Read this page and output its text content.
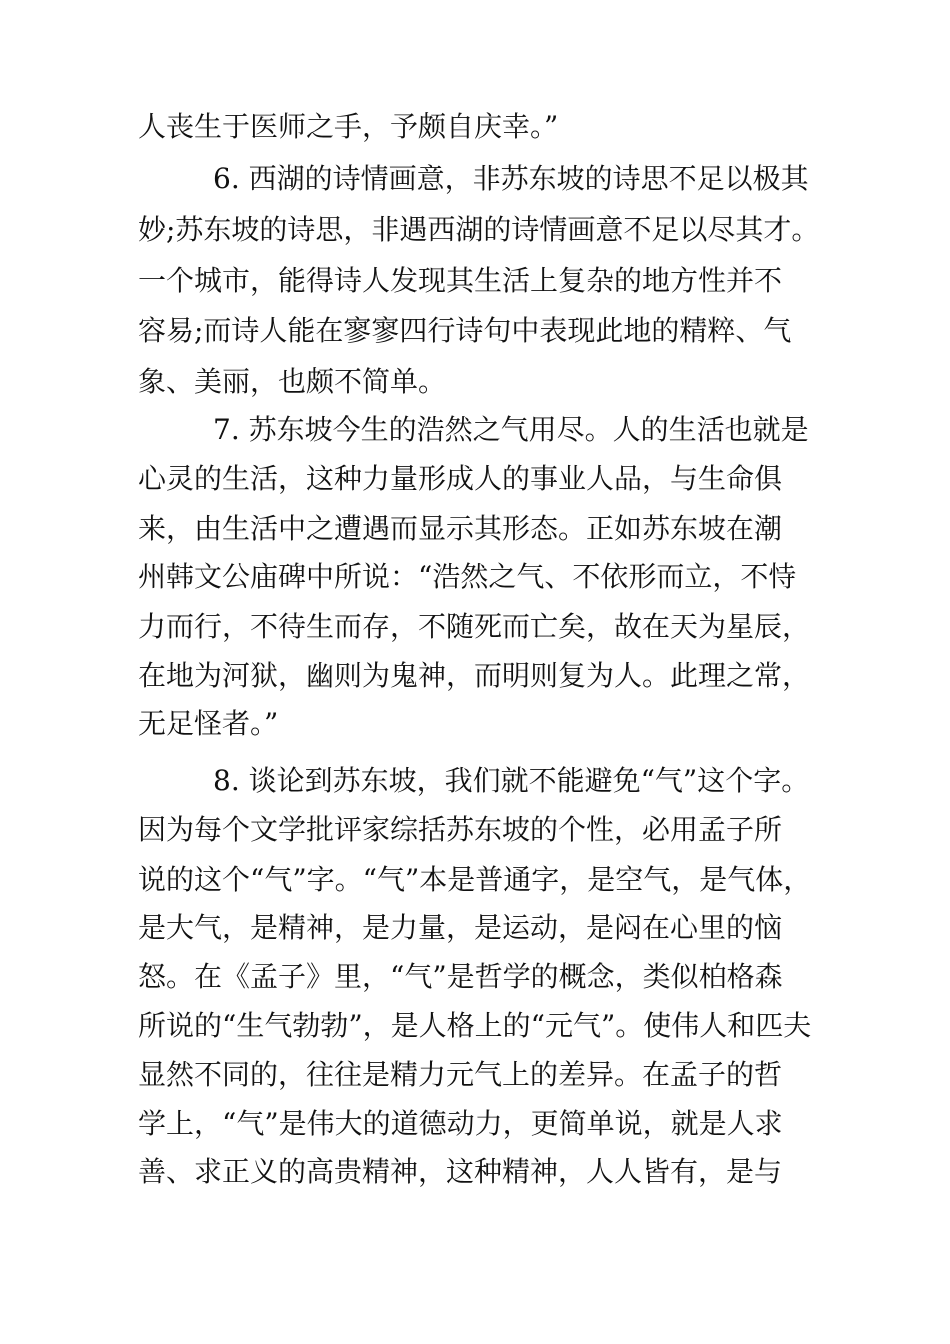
人丧生于医师之手，予颇自庆幸。”
6. 西湖的诗情画意，非苏东坡的诗思不足以极其
妙;苏东坡的诗思，非遇西湖的诗情画意不足以尽其才。
一个城市，能得诗人发现其生活上复杂的地方性并不
容易;而诗人能在寥寥四行诗句中表现此地的精粹、气
象、美丽，也颇不简单。
7. 苏东坡今生的浩然之气用尽。人的生活也就是
心灵的生活，这种力量形成人的事业人品，与生命俱
来，由生活中之遭遇而显示其形态。正如苏东坡在潮
州韩文公庙碑中所说：“浩然之气、不依形而立，不恃
力而行，不待生而存，不随死而亡矣，故在天为星辰，
在地为河狱，幽则为鬼神，而明则复为人。此理之常，
无足怪者。”
8. 谈论到苏东坡，我们就不能避免“气”这个字。
因为每个文学批评家综括苏东坡的个性，必用孟子所
说的这个“气”字。“气”本是普通字，是空气，是气体，
是大气，是精神，是力量，是运动，是闷在心里的恼
怒。在《孟子》里，“气”是哲学的概念，类似柏格森
所说的“生气勃勃”，是人格上的“元气”。使伟人和匹夫
显然不同的，往往是精力元气上的差异。在孟子的哲
学上，“气”是伟大的道德动力，更简单说，就是人求
善、求正义的高贵精神，这种精神，人人皆有，是与
